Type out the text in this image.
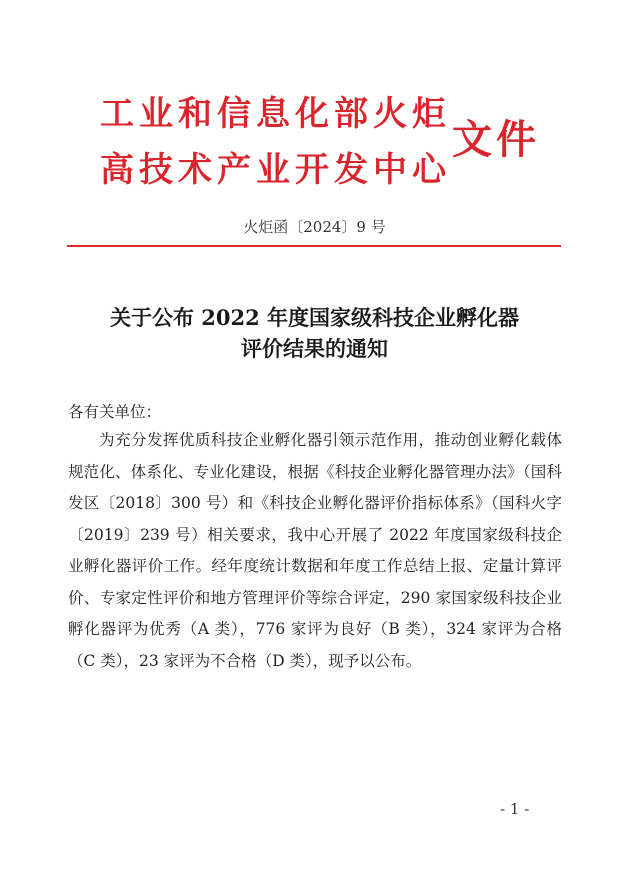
工业和信息化部火炬
高技术产业开发中心
文件
火炬函〔2024〕9 号
关于公布 2022 年度国家级科技企业孵化器
评价结果的通知
各有关单位：
为充分发挥优质科技企业孵化器引领示范作用，推动创业孵化载体规范化、体系化、专业化建设，根据《科技企业孵化器管理办法》（国科发区〔2018〕300 号）和《科技企业孵化器评价指标体系》（国科火字〔2019〕239 号）相关要求，我中心开展了 2022 年度国家级科技企业孵化器评价工作。经年度统计数据和年度工作总结上报、定量计算评价、专家定性评价和地方管理评价等综合评定，290 家国家级科技企业孵化器评为优秀（A 类），776 家评为良好（B 类），324 家评为合格（C 类），23 家评为不合格（D 类），现予以公布。
- 1 -
